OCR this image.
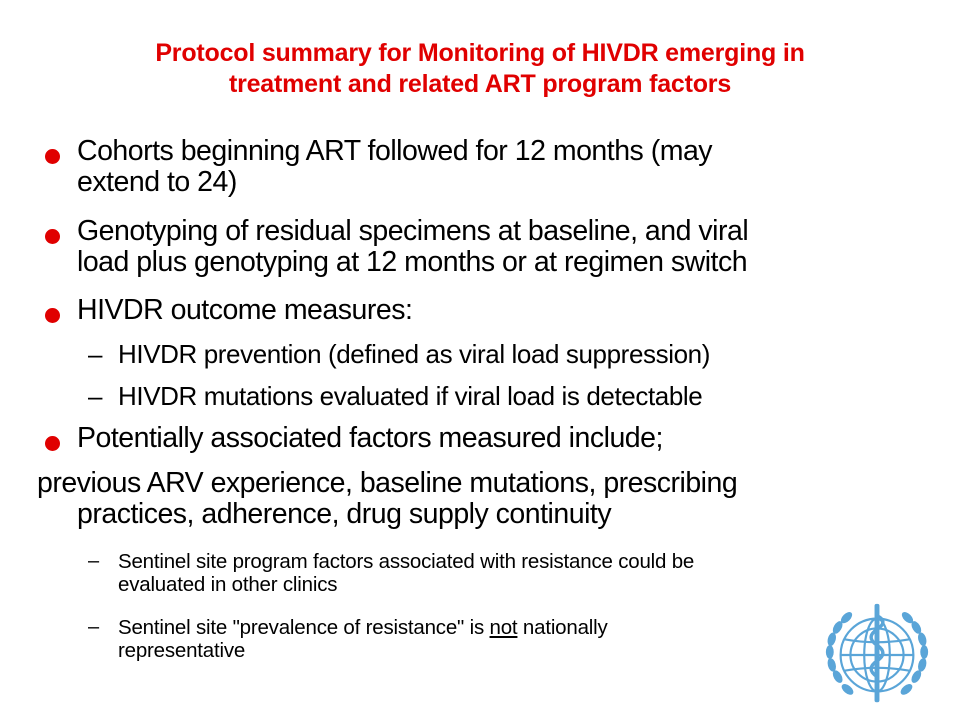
Protocol summary for Monitoring of HIVDR emerging in
treatment and related ART program factors
Cohorts beginning ART followed for 12 months (may
extend to 24)
Genotyping of residual specimens at baseline, and viral
load plus genotyping at 12 months or at regimen switch
HIVDR outcome measures:
– HIVDR prevention (defined as viral load suppression)
– HIVDR mutations evaluated if viral load is detectable
Potentially associated factors measured include;
previous ARV experience, baseline mutations, prescribing
practices, adherence, drug supply continuity
– Sentinel site program factors associated with resistance could be
evaluated in other clinics
– Sentinel site "prevalence of resistance" is not nationally
representative
